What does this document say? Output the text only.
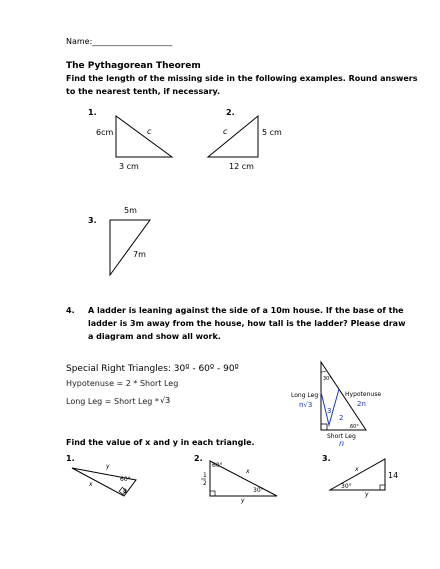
Name:____________________
The Pythagorean Theorem
Find the length of the missing side in the following examples. Round answers
to the nearest tenth, if necessary.
1.
6cm	c
3 cm
2.
c	5 cm
12 cm
3.
5m
7m
4. A ladder is leaning against the side of a 10m house. If the base of the
ladder is 3m away from the house, how tall is the ladder? Please draw
a diagram and show all work.
Special Right Triangles: 30º - 60º - 90º
Hypotenuse = 2 * Short Leg
Long Leg = Short Leg * √3
30°
Long Leg
n√3
Hypotenuse
2n
3
2
60°
Short Leg
n
Find the value of x and y in each triangle.
1.
y
x
60°
8
2.
60°
1
2
x
30°
y
3.
x
14
30°
y
